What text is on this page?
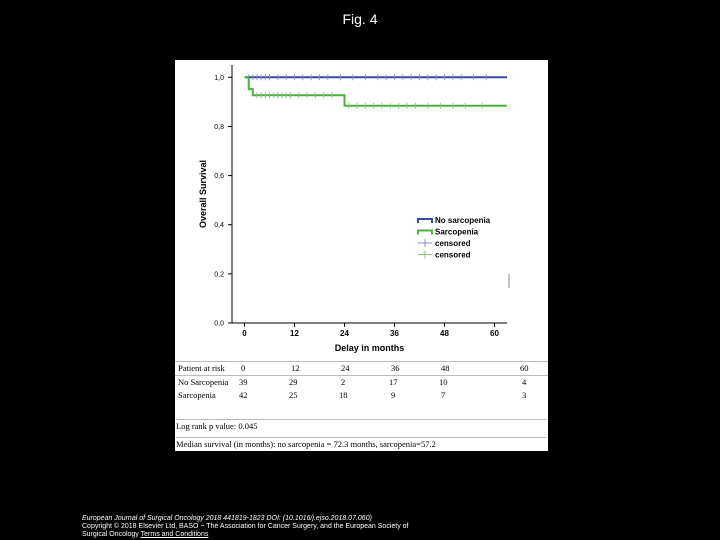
Fig. 4
0,0
0,2
0,4
0,6
0,8
1,0
0	12	24	36	48	60
Delay in months
Overall Survival	No sarcopenia
Sarcopenia
censored
censored
Patient at risk 0	12	24	36	48	60
No Sarcopenia 39	29	2	17	10	4
Sarcopenia	42	25	18	9	7	3
Log rank p value: 0.045
Median survival (in months): no sarcopenia = 72.3 months, sarcopenia=57.2
European Journal of Surgical Oncology 2018 441819-1823 DOI: (10.1016/j.ejso.2018.07.060)
Copyright © 2018 Elsevier Ltd, BASO ~ The Association for Cancer Surgery, and the European Society of
Surgical Oncology Terms and Conditions
